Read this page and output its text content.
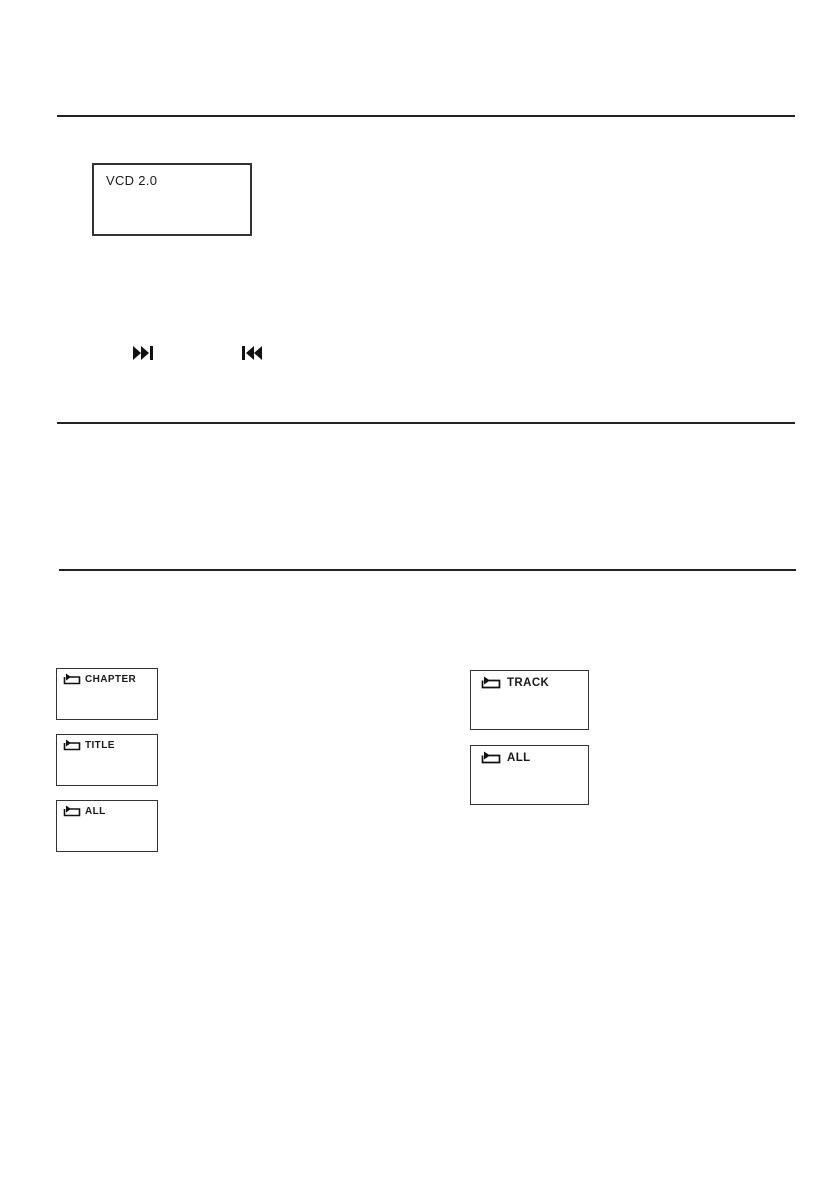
VCD 2.0
CHAPTER
TITLE
ALL
TRACK
ALL
